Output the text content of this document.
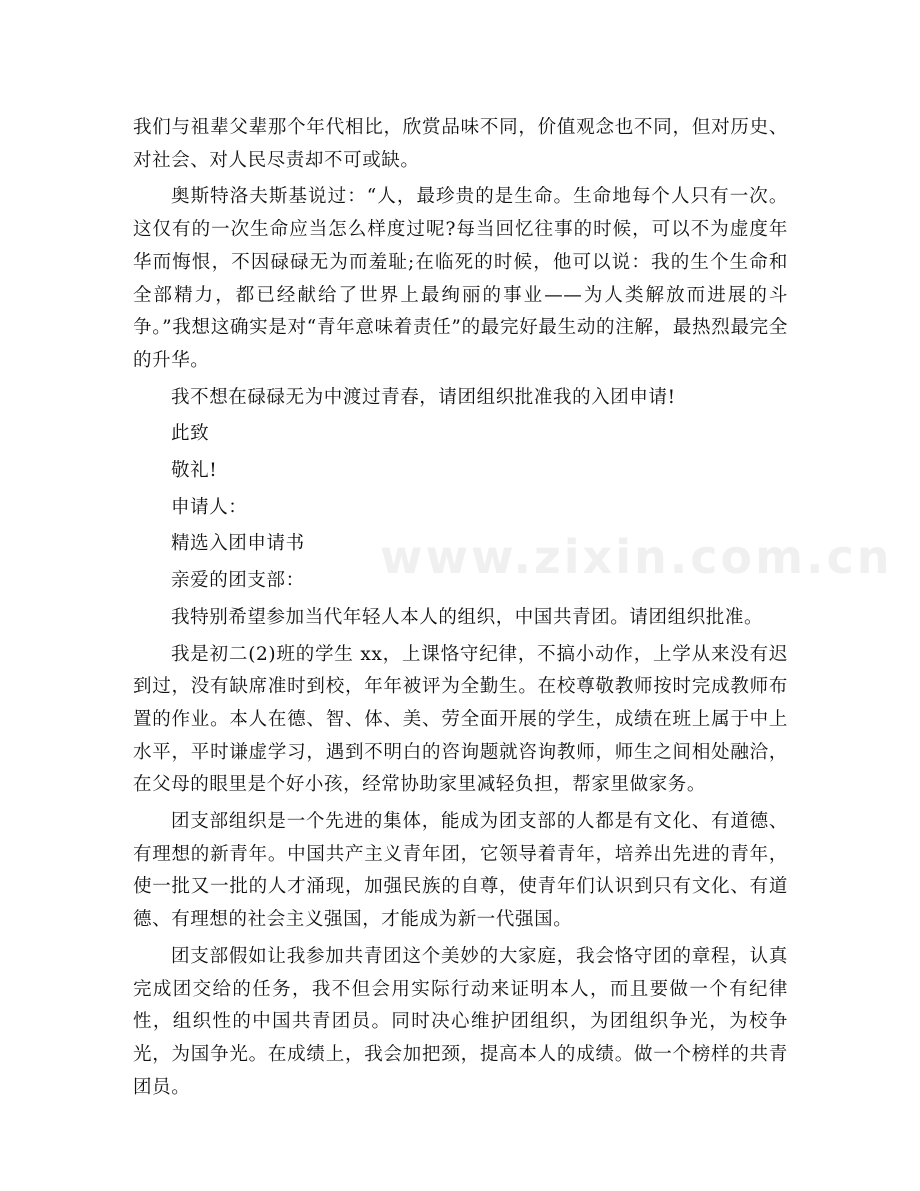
www.zixin.com.cn

我们与祖辈父辈那个年代相比，欣赏品味不同，价值观念也不同，但对历史、对社会、对人民尽责却不可或缺。

奥斯特洛夫斯基说过：“人，最珍贵的是生命。生命地每个人只有一次。这仅有的一次生命应当怎么样度过呢?每当回忆往事的时候，可以不为虚度年华而悔恨，不因碌碌无为而羞耻;在临死的时候，他可以说：我的生个生命和全部精力，都已经献给了世界上最绚丽的事业——为人类解放而进展的斗争。”我想这确实是对“青年意味着责任”的最完好最生动的注解，最热烈最完全的升华。

我不想在碌碌无为中渡过青春，请团组织批准我的入团申请!

此致

敬礼!

申请人：

精选入团申请书

亲爱的团支部：

我特别希望参加当代年轻人本人的组织，中国共青团。请团组织批准。

我是初二(2)班的学生 xx，上课恪守纪律，不搞小动作，上学从来没有迟到过，没有缺席准时到校，年年被评为全勤生。在校尊敬教师按时完成教师布置的作业。本人在德、智、体、美、劳全面开展的学生，成绩在班上属于中上水平，平时谦虚学习，遇到不明白的咨询题就咨询教师，师生之间相处融洽，在父母的眼里是个好小孩，经常协助家里减轻负担，帮家里做家务。

团支部组织是一个先进的集体，能成为团支部的人都是有文化、有道德、有理想的新青年。中国共产主义青年团，它领导着青年，培养出先进的青年，使一批又一批的人才涌现，加强民族的自尊，使青年们认识到只有文化、有道德、有理想的社会主义强国，才能成为新一代强国。

团支部假如让我参加共青团这个美妙的大家庭，我会恪守团的章程，认真完成团交给的任务，我不但会用实际行动来证明本人，而且要做一个有纪律性，组织性的中国共青团员。同时决心维护团组织，为团组织争光，为校争光，为国争光。在成绩上，我会加把颈，提高本人的成绩。做一个榜样的共青团员。
